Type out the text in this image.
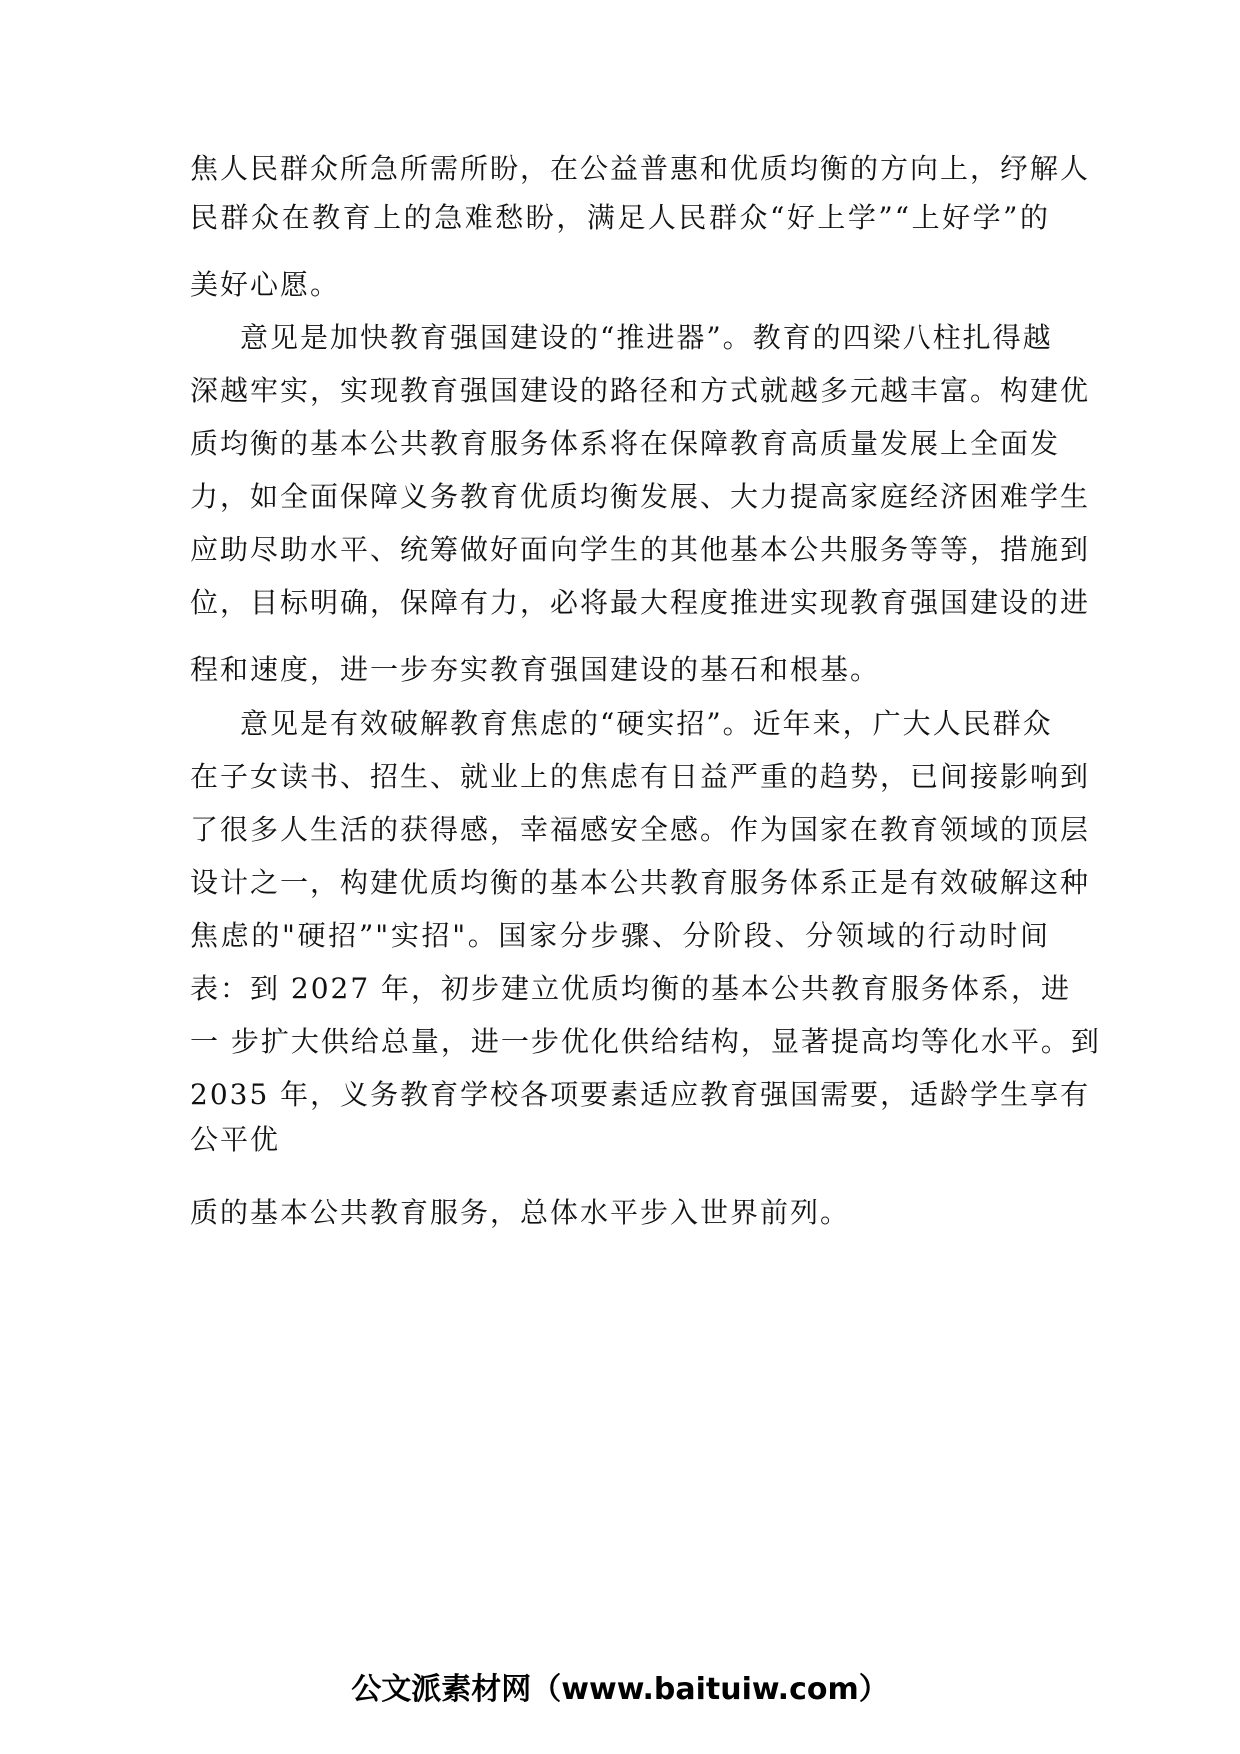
焦人民群众所急所需所盼，在公益普惠和优质均衡的方向上，纾解人
民群众在教育上的急难愁盼，满足人民群众“好上学”“上好学”的
美好心愿。
意见是加快教育强国建设的“推进器”。教育的四梁八柱扎得越
深越牢实，实现教育强国建设的路径和方式就越多元越丰富。构建优
质均衡的基本公共教育服务体系将在保障教育高质量发展上全面发
力，如全面保障义务教育优质均衡发展、大力提高家庭经济困难学生
应助尽助水平、统筹做好面向学生的其他基本公共服务等等，措施到
位，目标明确，保障有力，必将最大程度推进实现教育强国建设的进
程和速度，进一步夯实教育强国建设的基石和根基。
意见是有效破解教育焦虑的“硬实招”。近年来，广大人民群众
在子女读书、招生、就业上的焦虑有日益严重的趋势，已间接影响到
了很多人生活的获得感，幸福感安全感。作为国家在教育领域的顶层
设计之一，构建优质均衡的基本公共教育服务体系正是有效破解这种
焦虑的"硬招”"实招"。国家分步骤、分阶段、分领域的行动时间
表：到 2027 年，初步建立优质均衡的基本公共教育服务体系，进
一 步扩大供给总量，进一步优化供给结构，显著提高均等化水平。到
2035 年，义务教育学校各项要素适应教育强国需要，适龄学生享有
公平优
质的基本公共教育服务，总体水平步入世界前列。
公文派素材网（www.baituiw.com）
